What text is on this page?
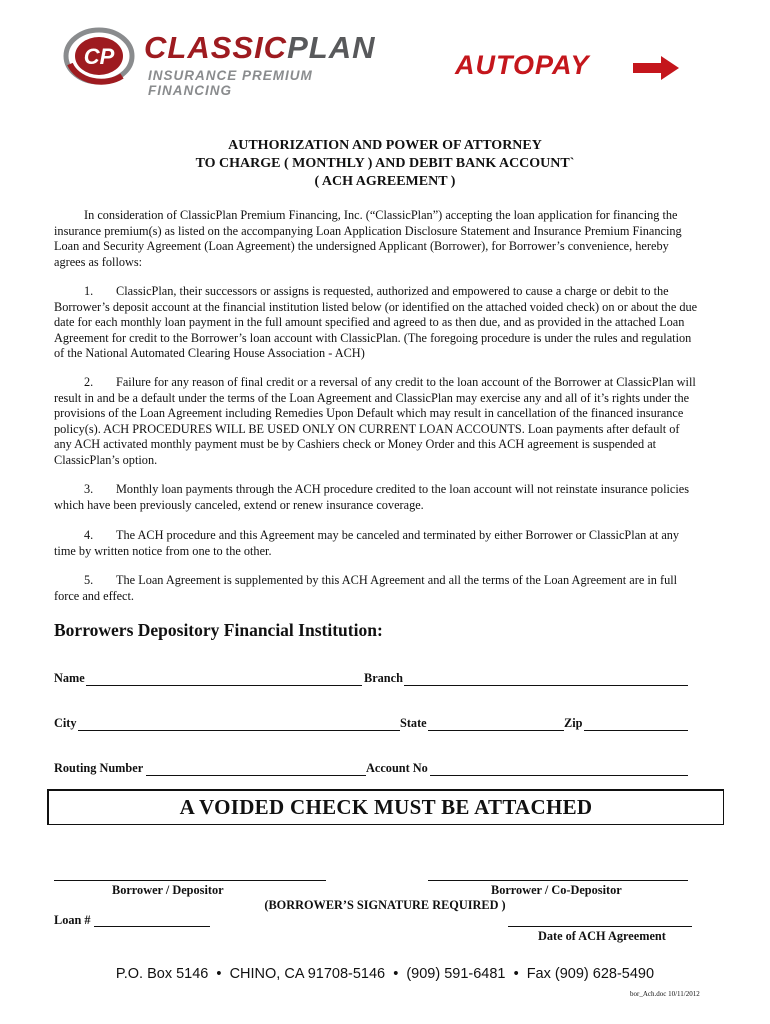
CP CLASSICPLAN
INSURANCE PREMIUM FINANCING
AUTOPAY
AUTHORIZATION AND POWER OF ATTORNEY
TO CHARGE ( MONTHLY ) AND DEBIT BANK ACCOUNT`
( ACH AGREEMENT )
In consideration of ClassicPlan Premium Financing, Inc. (“ClassicPlan”) accepting the loan application for financing the
insurance premium(s) as listed on the accompanying Loan Application Disclosure Statement and Insurance Premium Financing
Loan and Security Agreement (Loan Agreement) the undersigned Applicant (Borrower), for Borrower’s convenience, hereby
agrees as follows:
1. ClassicPlan, their successors or assigns is requested, authorized and empowered to cause a charge or debit to the
Borrower’s deposit account at the financial institution listed below (or identified on the attached voided check) on or about the due
date for each monthly loan payment in the full amount specified and agreed to as then due, and as provided in the attached Loan
Agreement for credit to the Borrower’s loan account with ClassicPlan. (The foregoing procedure is under the rules and regulation
of the National Automated Clearing House Association - ACH)
2. Failure for any reason of final credit or a reversal of any credit to the loan account of the Borrower at ClassicPlan will
result in and be a default under the terms of the Loan Agreement and ClassicPlan may exercise any and all of it’s rights under the
provisions of the Loan Agreement including Remedies Upon Default which may result in cancellation of the financed insurance
policy(s). ACH PROCEDURES WILL BE USED ONLY ON CURRENT LOAN ACCOUNTS. Loan payments after default of
any ACH activated monthly payment must be by Cashiers check or Money Order and this ACH agreement is suspended at
ClassicPlan’s option.
3. Monthly loan payments through the ACH procedure credited to the loan account will not reinstate insurance policies
which have been previously canceled, extend or renew insurance coverage.
4. The ACH procedure and this Agreement may be canceled and terminated by either Borrower or ClassicPlan at any
time by written notice from one to the other.
5. The Loan Agreement is supplemented by this ACH Agreement and all the terms of the Loan Agreement are in full
force and effect.
Borrowers Depository Financial Institution:
Name	Branch
City	State	Zip
Routing Number	Account No
A VOIDED CHECK MUST BE ATTACHED
Borrower / Depositor	Borrower / Co-Depositor
(BORROWER’S SIGNATURE REQUIRED )
Loan #
Date of ACH Agreement
P.O. Box 5146 • CHINO, CA 91708-5146 • (909) 591-6481 • Fax (909) 628-5490
bor_Ach.doc 10/11/2012
